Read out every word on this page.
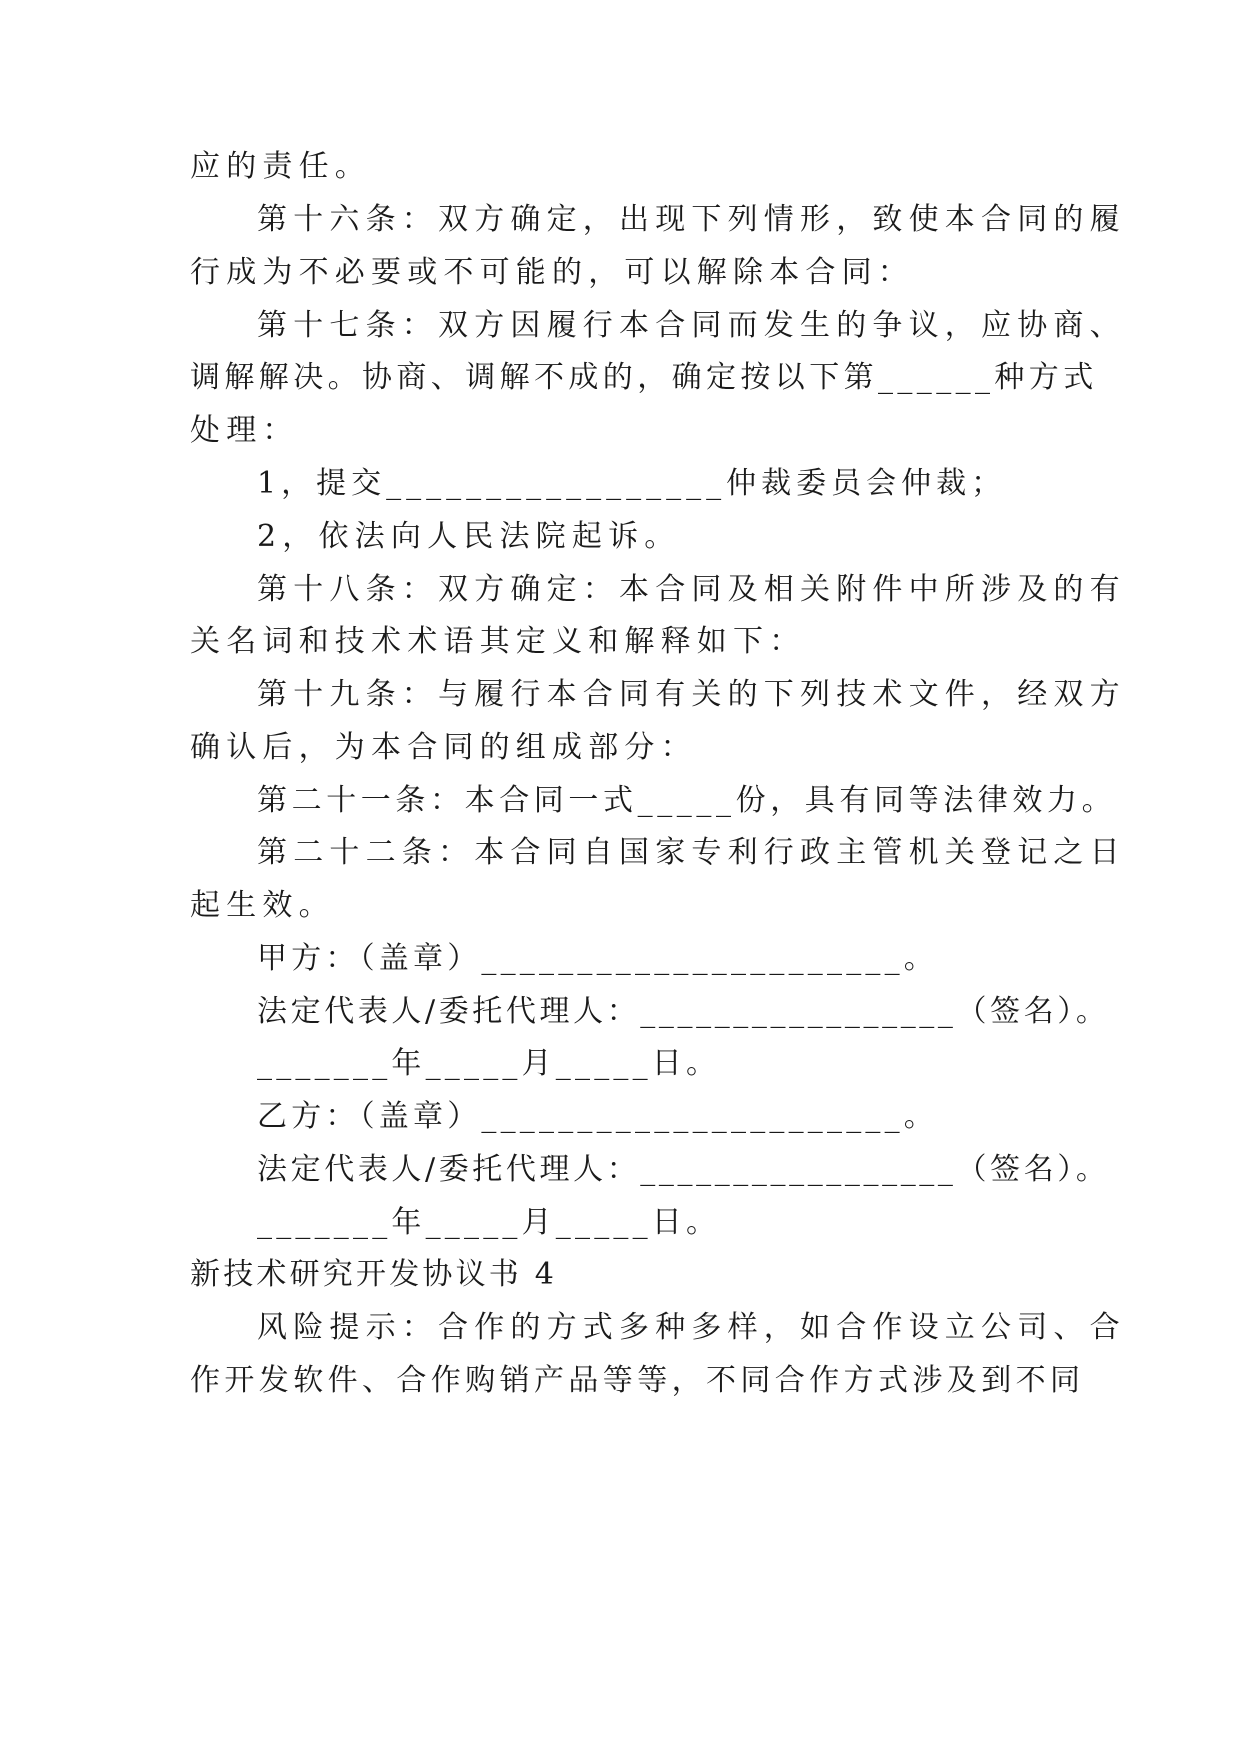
应的责任。
第十六条：双方确定，出现下列情形，致使本合同的履
行成为不必要或不可能的，可以解除本合同：
第十七条：双方因履行本合同而发生的争议，应协商、
调解解决。协商、调解不成的，确定按以下第______种方式
处理：
1，提交_________________仲裁委员会仲裁；
2，依法向人民法院起诉。
第十八条：双方确定：本合同及相关附件中所涉及的有
关名词和技术术语其定义和解释如下：
第十九条：与履行本合同有关的下列技术文件，经双方
确认后，为本合同的组成部分：
第二十一条：本合同一式_____份，具有同等法律效力。
第二十二条：本合同自国家专利行政主管机关登记之日
起生效。
甲方：（盖章）______________________。
法定代表人/委托代理人：_________________（签名）。
_______年_____月_____日。
乙方：（盖章）______________________。
法定代表人/委托代理人：_________________（签名）。
_______年_____月_____日。
新技术研究开发协议书 4
风险提示：合作的方式多种多样，如合作设立公司、合
作开发软件、合作购销产品等等，不同合作方式涉及到不同
